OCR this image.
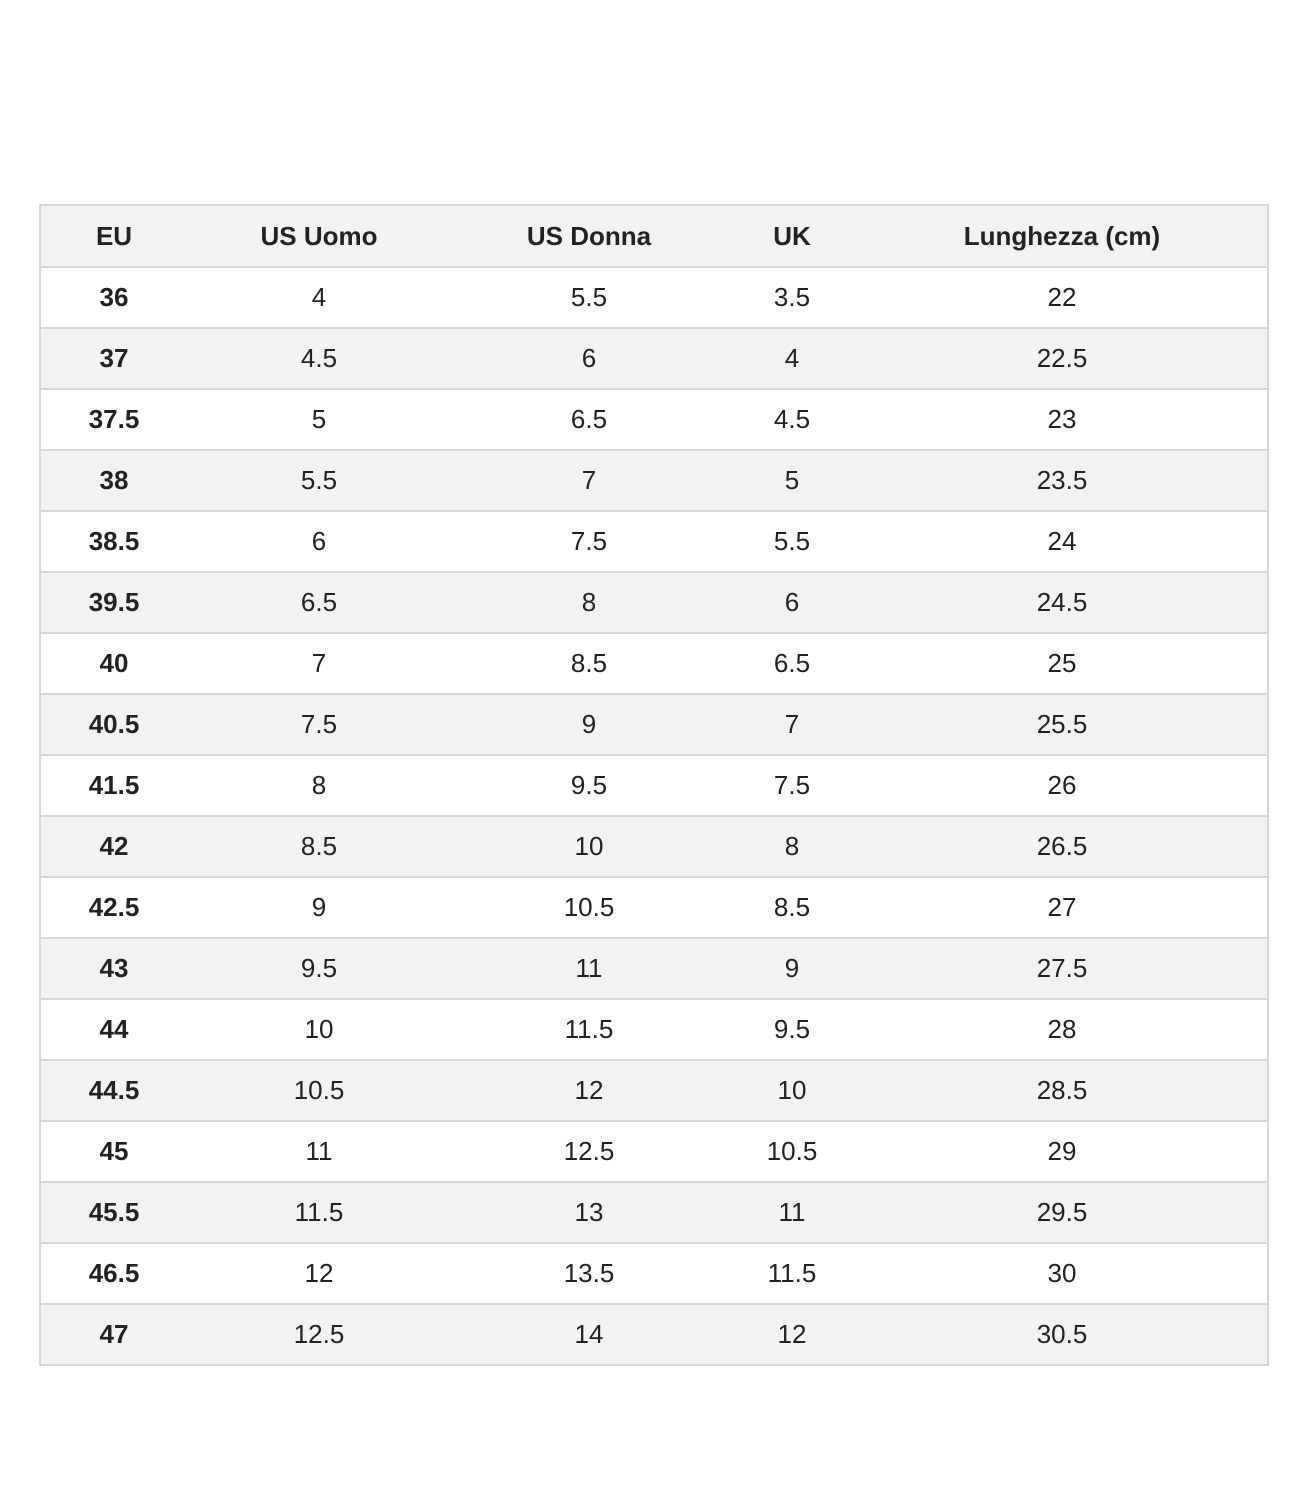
EU	US Uomo	US Donna	UK	Lunghezza (cm)
36	4	5.5	3.5	22
37	4.5	6	4	22.5
37.5	5	6.5	4.5	23
38	5.5	7	5	23.5
38.5	6	7.5	5.5	24
39.5	6.5	8	6	24.5
40	7	8.5	6.5	25
40.5	7.5	9	7	25.5
41.5	8	9.5	7.5	26
42	8.5	10	8	26.5
42.5	9	10.5	8.5	27
43	9.5	11	9	27.5
44	10	11.5	9.5	28
44.5	10.5	12	10	28.5
45	11	12.5	10.5	29
45.5	11.5	13	11	29.5
46.5	12	13.5	11.5	30
47	12.5	14	12	30.5
